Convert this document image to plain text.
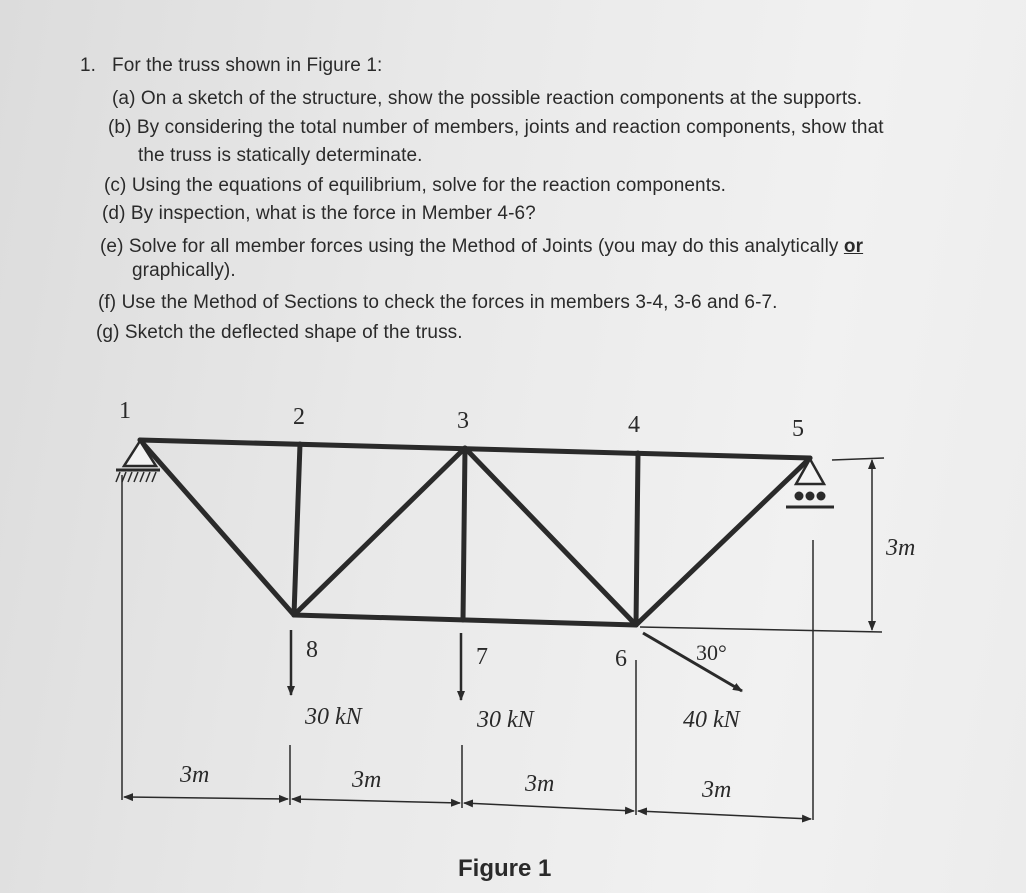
1. For the truss shown in Figure 1:
(a) On a sketch of the structure, show the possible reaction components at the supports.
(b) By considering the total number of members, joints and reaction components, show that
the truss is statically determinate.
(c) Using the equations of equilibrium, solve for the reaction components.
(d) By inspection, what is the force in Member 4-6?
(e) Solve for all member forces using the Method of Joints (you may do this analytically or
graphically).
(f) Use the Method of Sections to check the forces in members 3-4, 3-6 and 6-7.
(g) Sketch the deflected shape of the truss.
1	2	3	4	5
8	7	6
30 kN	30 kN	40 kN
30°
3m	3m	3m	3m
3m
Figure 1
